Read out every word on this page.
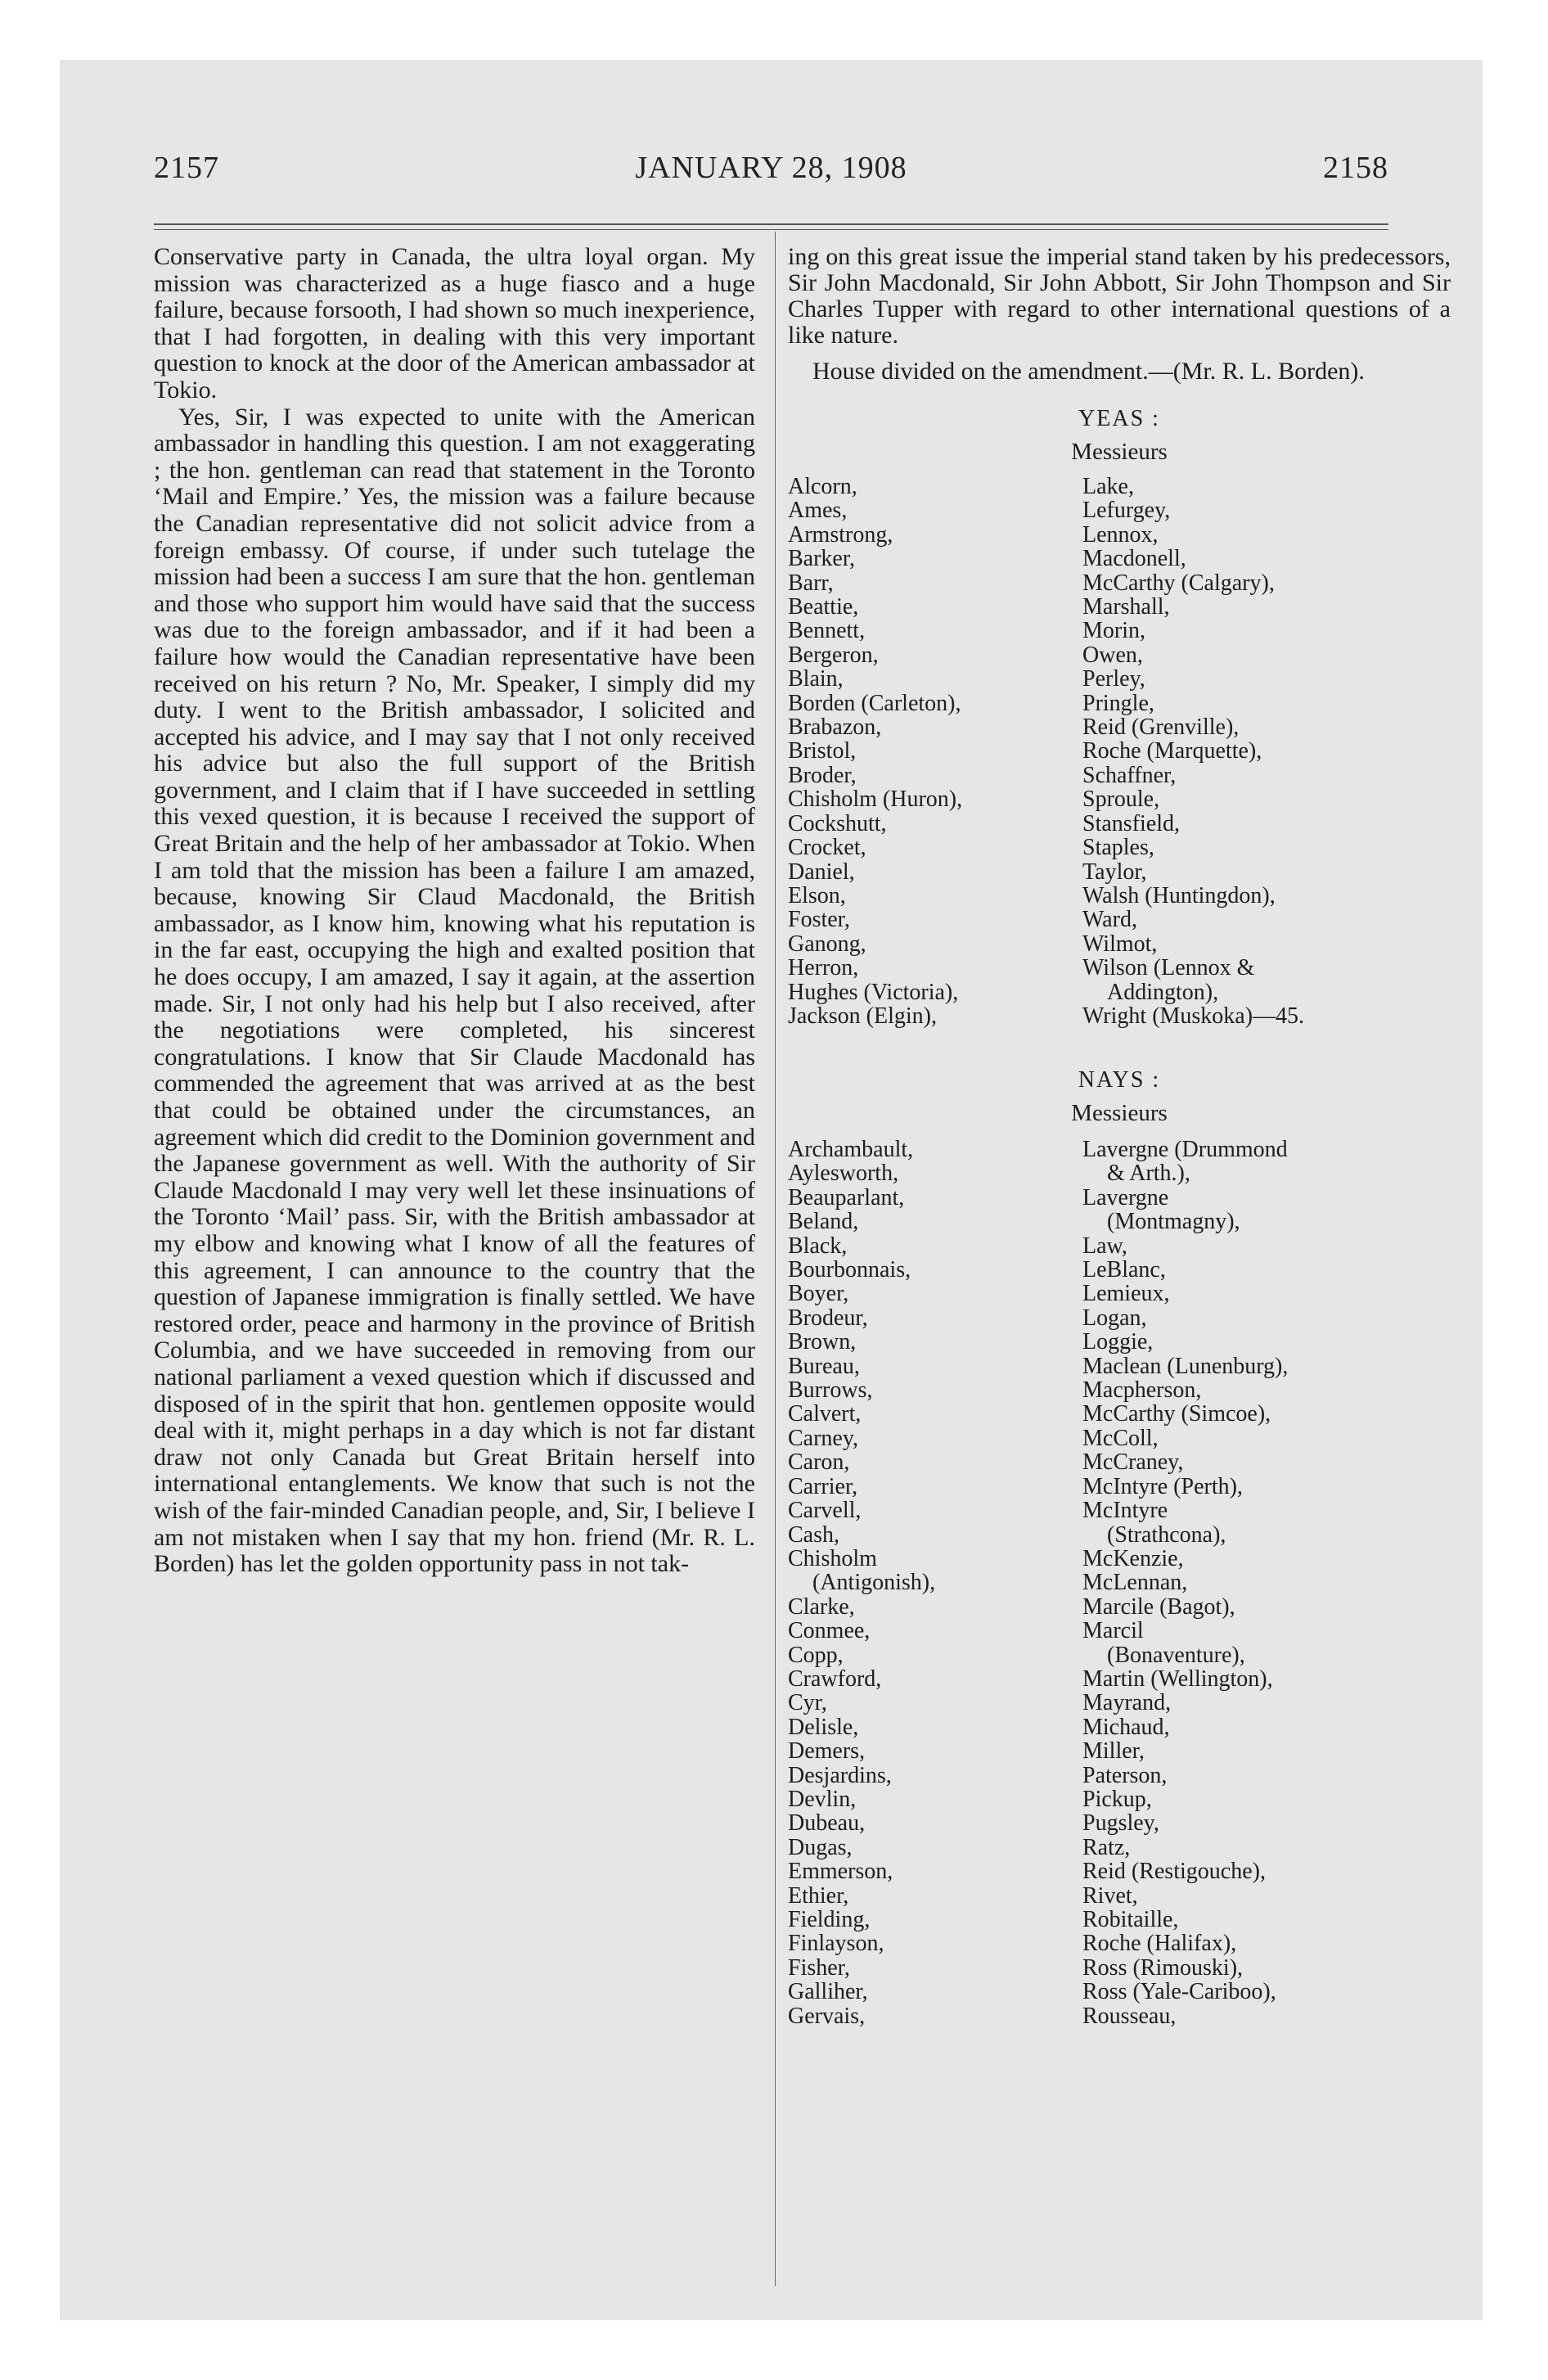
2157	JANUARY 28, 1908	2158

Conservative party in Canada, the ultra loyal organ. My mission was characterized as a huge fiasco and a huge failure, because forsooth, I had shown so much inexperience, that I had forgotten, in dealing with this very important question to knock at the door of the American ambassador at Tokio.

Yes, Sir, I was expected to unite with the American ambassador in handling this question. I am not exaggerating ; the hon. gentleman can read that statement in the Toronto ‘Mail and Empire.’ Yes, the mission was a failure because the Canadian representative did not solicit advice from a foreign embassy. Of course, if under such tutelage the mission had been a success I am sure that the hon. gentleman and those who support him would have said that the success was due to the foreign ambassador, and if it had been a failure how would the Canadian representative have been received on his return ? No, Mr. Speaker, I simply did my duty. I went to the British ambassador, I solicited and accepted his advice, and I may say that I not only received his advice but also the full support of the British government, and I claim that if I have succeeded in settling this vexed question, it is because I received the support of Great Britain and the help of her ambassador at Tokio. When I am told that the mission has been a failure I am amazed, because, knowing Sir Claud Macdonald, the British ambassador, as I know him, knowing what his reputation is in the far east, occupying the high and exalted position that he does occupy, I am amazed, I say it again, at the assertion made. Sir, I not only had his help but I also received, after the negotiations were completed, his sincerest congratulations. I know that Sir Claude Macdonald has commended the agreement that was arrived at as the best that could be obtained under the circumstances, an agreement which did credit to the Dominion government and the Japanese government as well. With the authority of Sir Claude Macdonald I may very well let these insinuations of the Toronto ‘Mail’ pass. Sir, with the British ambassador at my elbow and knowing what I know of all the features of this agreement, I can announce to the country that the question of Japanese immigration is finally settled. We have restored order, peace and harmony in the province of British Columbia, and we have succeeded in removing from our national parliament a vexed question which if discussed and disposed of in the spirit that hon. gentlemen opposite would deal with it, might perhaps in a day which is not far distant draw not only Canada but Great Britain herself into international entanglements. We know that such is not the wish of the fair-minded Canadian people, and, Sir, I believe I am not mistaken when I say that my hon. friend (Mr. R. L. Borden) has let the golden opportunity pass in not tak-

ing on this great issue the imperial stand taken by his predecessors, Sir John Macdonald, Sir John Abbott, Sir John Thompson and Sir Charles Tupper with regard to other international questions of a like nature.

House divided on the amendment.—(Mr. R. L. Borden).

YEAS :
Messieurs
Alcorn,
Ames,
Armstrong,
Barker,
Barr,
Beattie,
Bennett,
Bergeron,
Blain,
Borden (Carleton),
Brabazon,
Bristol,
Broder,
Chisholm (Huron),
Cockshutt,
Crocket,
Daniel,
Elson,
Foster,
Ganong,
Herron,
Hughes (Victoria),
Jackson (Elgin),
Lake,
Lefurgey,
Lennox,
Macdonell,
McCarthy (Calgary),
Marshall,
Morin,
Owen,
Perley,
Pringle,
Reid (Grenville),
Roche (Marquette),
Schaffner,
Sproule,
Stansfield,
Staples,
Taylor,
Walsh (Huntingdon),
Ward,
Wilmot,
Wilson (Lennox &
Addington),
Wright (Muskoka)—45.
NAYS :
Messieurs
Archambault,
Aylesworth,
Beauparlant,
Beland,
Black,
Bourbonnais,
Boyer,
Brodeur,
Brown,
Bureau,
Burrows,
Calvert,
Carney,
Caron,
Carrier,
Carvell,
Cash,
Chisholm
(Antigonish),
Clarke,
Conmee,
Copp,
Crawford,
Cyr,
Delisle,
Demers,
Desjardins,
Devlin,
Dubeau,
Dugas,
Emmerson,
Ethier,
Fielding,
Finlayson,
Fisher,
Galliher,
Gervais,
Lavergne (Drummond
& Arth.),
Lavergne
(Montmagny),
Law,
LeBlanc,
Lemieux,
Logan,
Loggie,
Maclean (Lunenburg),
Macpherson,
McCarthy (Simcoe),
McColl,
McCraney,
McIntyre (Perth),
McIntyre
(Strathcona),
McKenzie,
McLennan,
Marcile (Bagot),
Marcil
(Bonaventure),
Martin (Wellington),
Mayrand,
Michaud,
Miller,
Paterson,
Pickup,
Pugsley,
Ratz,
Reid (Restigouche),
Rivet,
Robitaille,
Roche (Halifax),
Ross (Rimouski),
Ross (Yale-Cariboo),
Rousseau,
